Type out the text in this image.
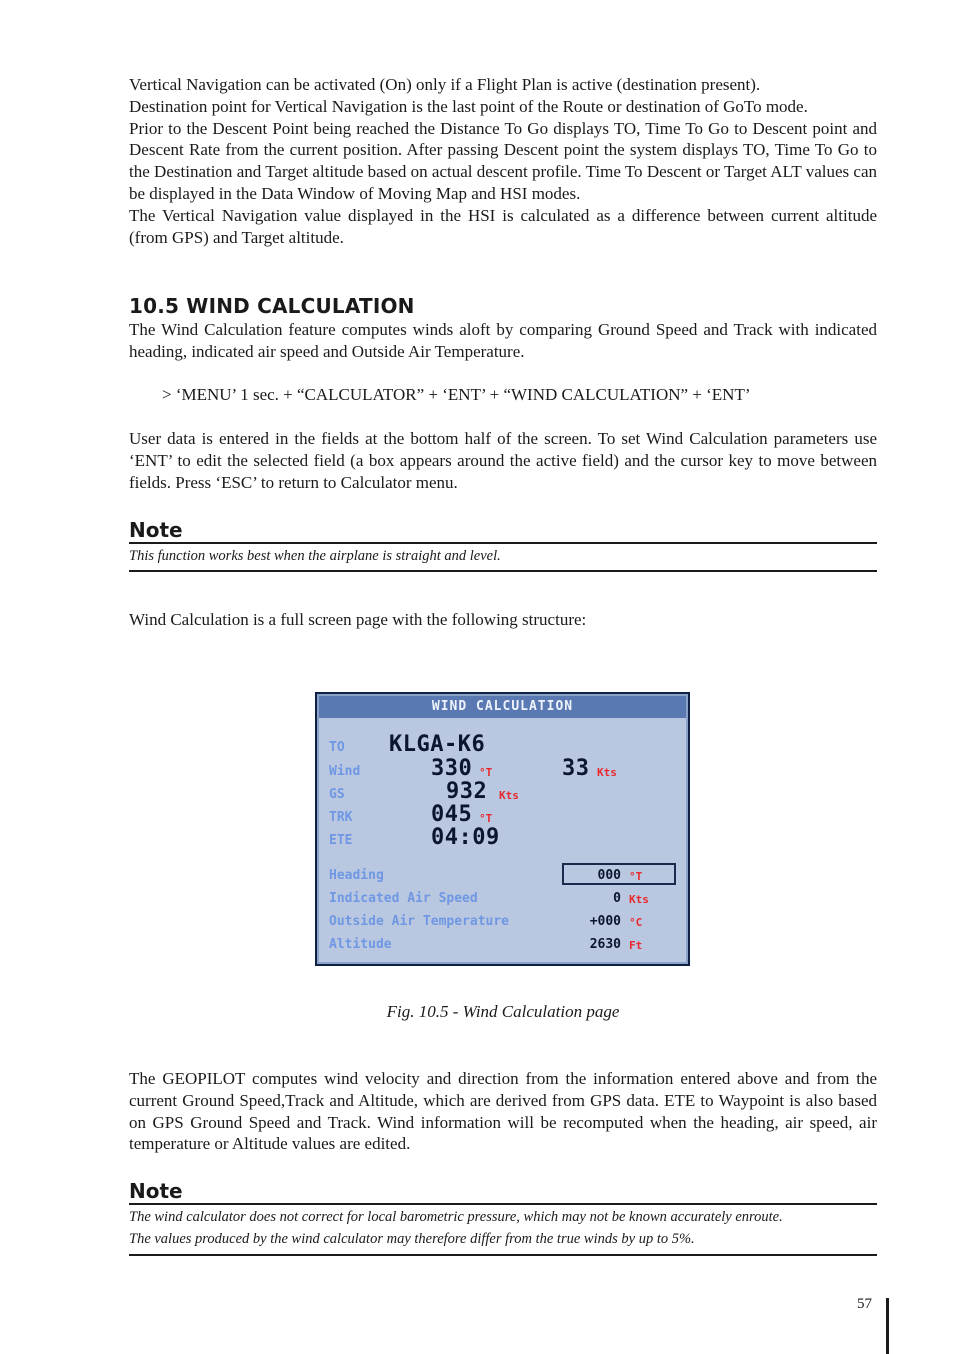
Vertical Navigation can be activated (On) only if a Flight Plan is active (destination present).

Destination point for Vertical Navigation is the last point of the Route or destination of GoTo mode.

Prior to the Descent Point being reached the Distance To Go displays TO, Time To Go to Descent point and Descent Rate from the current position. After passing Descent point the system displays TO, Time To Go to the Destination and Target altitude based on actual descent profile. Time To Descent or Target ALT values can be displayed in the Data Window of Moving Map and HSI modes.

The Vertical Navigation value displayed in the HSI is calculated as a difference between current altitude (from GPS) and Target altitude.

10.5 WIND CALCULATION

The Wind Calculation feature computes winds aloft by comparing Ground Speed and Track with indicated heading, indicated air speed and Outside Air Temperature.

> ‘MENU’ 1 sec. + “CALCULATOR” + ‘ENT’ + “WIND CALCULATION” + ‘ENT’

User data is entered in the fields at the bottom half of the screen. To set Wind Calculation parameters use ‘ENT’ to edit the selected field (a box appears around the active field) and the cursor key to move between fields. Press ‘ESC’ to return to Calculator menu.

Note
This function works best when the airplane is straight and level.

Wind Calculation is a full screen page with the following structure:

WIND CALCULATION
TO KLGA-K6
Wind	330 °T	33 Kts
GS	932 Kts
TRK	045 °T
ETE	04:09
Heading	000 °T
Indicated Air Speed	0 Kts
Outside Air Temperature	+000 °C
Altitude	2630 Ft
Fig. 10.5 - Wind Calculation page

The GEOPILOT computes wind velocity and direction from the information entered above and from the current Ground Speed,Track and Altitude, which are derived from GPS data. ETE to Waypoint is also based on GPS Ground Speed and Track. Wind information will be recomputed when the heading, air speed, air temperature or Altitude values are edited.

Note
The wind calculator does not correct for local barometric pressure, which may not be known accurately enroute.
The values produced by the wind calculator may therefore differ from the true winds by up to 5%.
57
